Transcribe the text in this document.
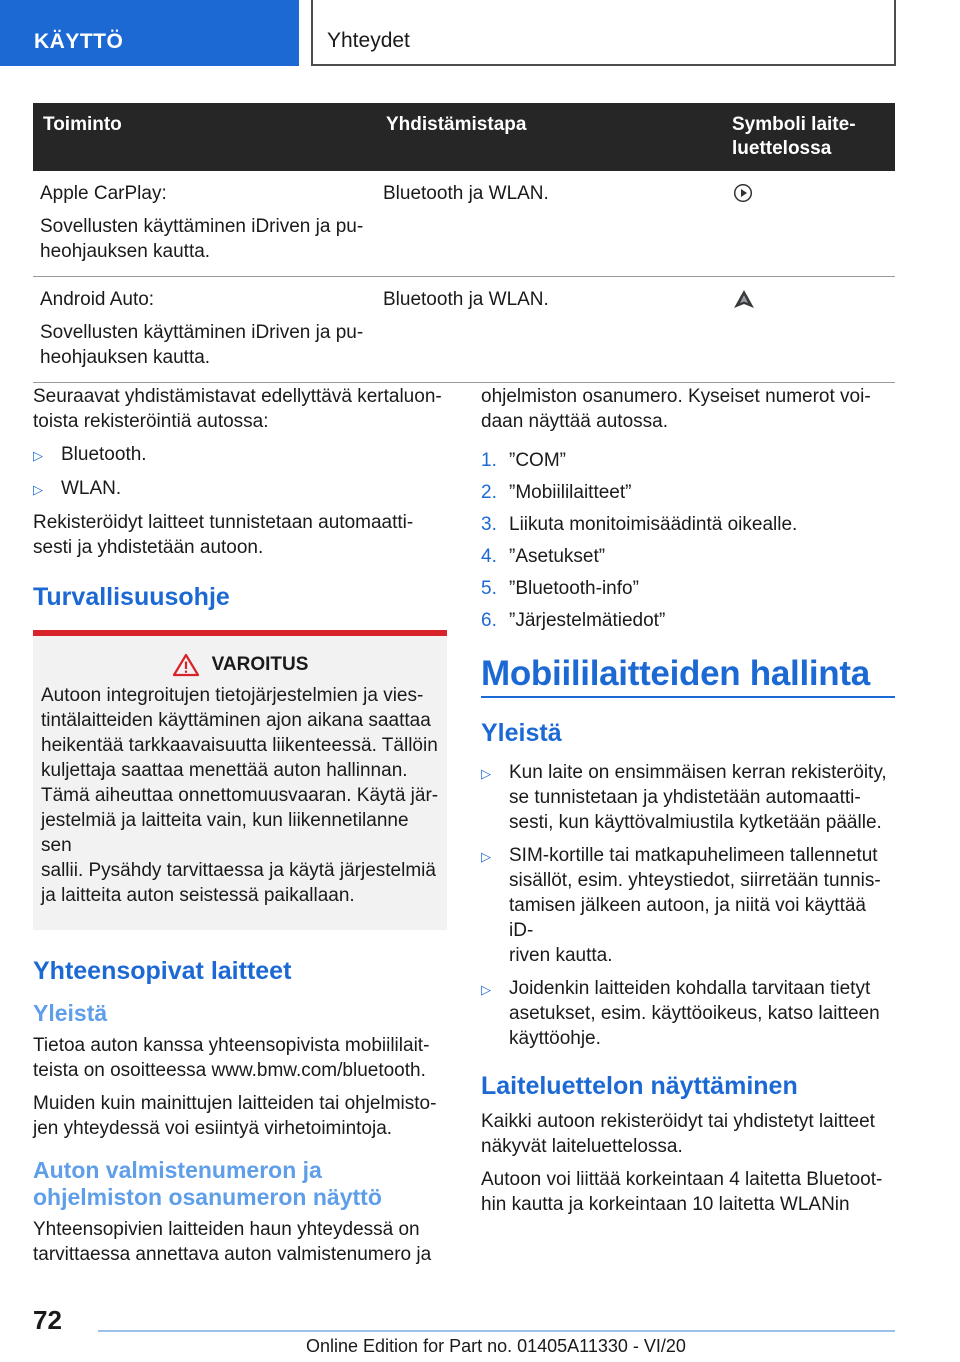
KÄYTTÖ	Yhteydet
Toiminto	Yhdistämistapa	Symboli laite-
luettelossa

Apple CarPlay:

Sovellusten käyttäminen iDriven ja pu-
heohjauksen kautta.	Bluetooth ja WLAN.	

Android Auto:

Sovellusten käyttäminen iDriven ja pu-
heohjauksen kautta.	Bluetooth ja WLAN.	

Seuraavat yhdistämistavat edellyttävä kertaluon-
toista rekisteröintiä autossa:

▷ Bluetooth.
▷ WLAN.

Rekisteröidyt laitteet tunnistetaan automaatti-
sesti ja yhdistetään autoon.

Turvallisuusohje
VAROITUS

Autoon integroitujen tietojärjestelmien ja vies-
tintälaitteiden käyttäminen ajon aikana saattaa
heikentää tarkkaavaisuutta liikenteessä. Tällöin
kuljettaja saattaa menettää auton hallinnan.
Tämä aiheuttaa onnettomuusvaaran. Käytä jär-
jestelmiä ja laitteita vain, kun liikennetilanne sen
sallii. Pysähdy tarvittaessa ja käytä järjestelmiä
ja laitteita auton seistessä paikallaan.

Yhteensopivat laitteet
Yleistä

Tietoa auton kanssa yhteensopivista mobiililait-
teista on osoitteessa www.bmw.com/bluetooth.

Muiden kuin mainittujen laitteiden tai ohjelmisto-
jen yhteydessä voi esiintyä virhetoimintoja.

Auton valmistenumeron ja
ohjelmiston osanumeron näyttö

Yhteensopivien laitteiden haun yhteydessä on
tarvittaessa annettava auton valmistenumero ja

ohjelmiston osanumero. Kyseiset numerot voi-
daan näyttää autossa.

1. ”COM”
2. ”Mobiililaitteet”
3. Liikuta monitoimisäädintä oikealle.
4. ”Asetukset”
5. ”Bluetooth-info”
6. ”Järjestelmätiedot”
Mobiililaitteiden hallinta
Yleistä
▷ Kun laite on ensimmäisen kerran rekisteröity,
se tunnistetaan ja yhdistetään automaatti-
sesti, kun käyttövalmiustila kytketään päälle.
▷ SIM-kortille tai matkapuhelimeen tallennetut
sisällöt, esim. yhteystiedot, siirretään tunnis-
tamisen jälkeen autoon, ja niitä voi käyttää iD-
riven kautta.
▷ Joidenkin laitteiden kohdalla tarvitaan tietyt
asetukset, esim. käyttöoikeus, katso laitteen
käyttöohje.
Laiteluettelon näyttäminen

Kaikki autoon rekisteröidyt tai yhdistetyt laitteet
näkyvät laiteluettelossa.

Autoon voi liittää korkeintaan 4 laitetta Bluetoot-
hin kautta ja korkeintaan 10 laitetta WLANin

72
Online Edition for Part no. 01405A11330 - VI/20
